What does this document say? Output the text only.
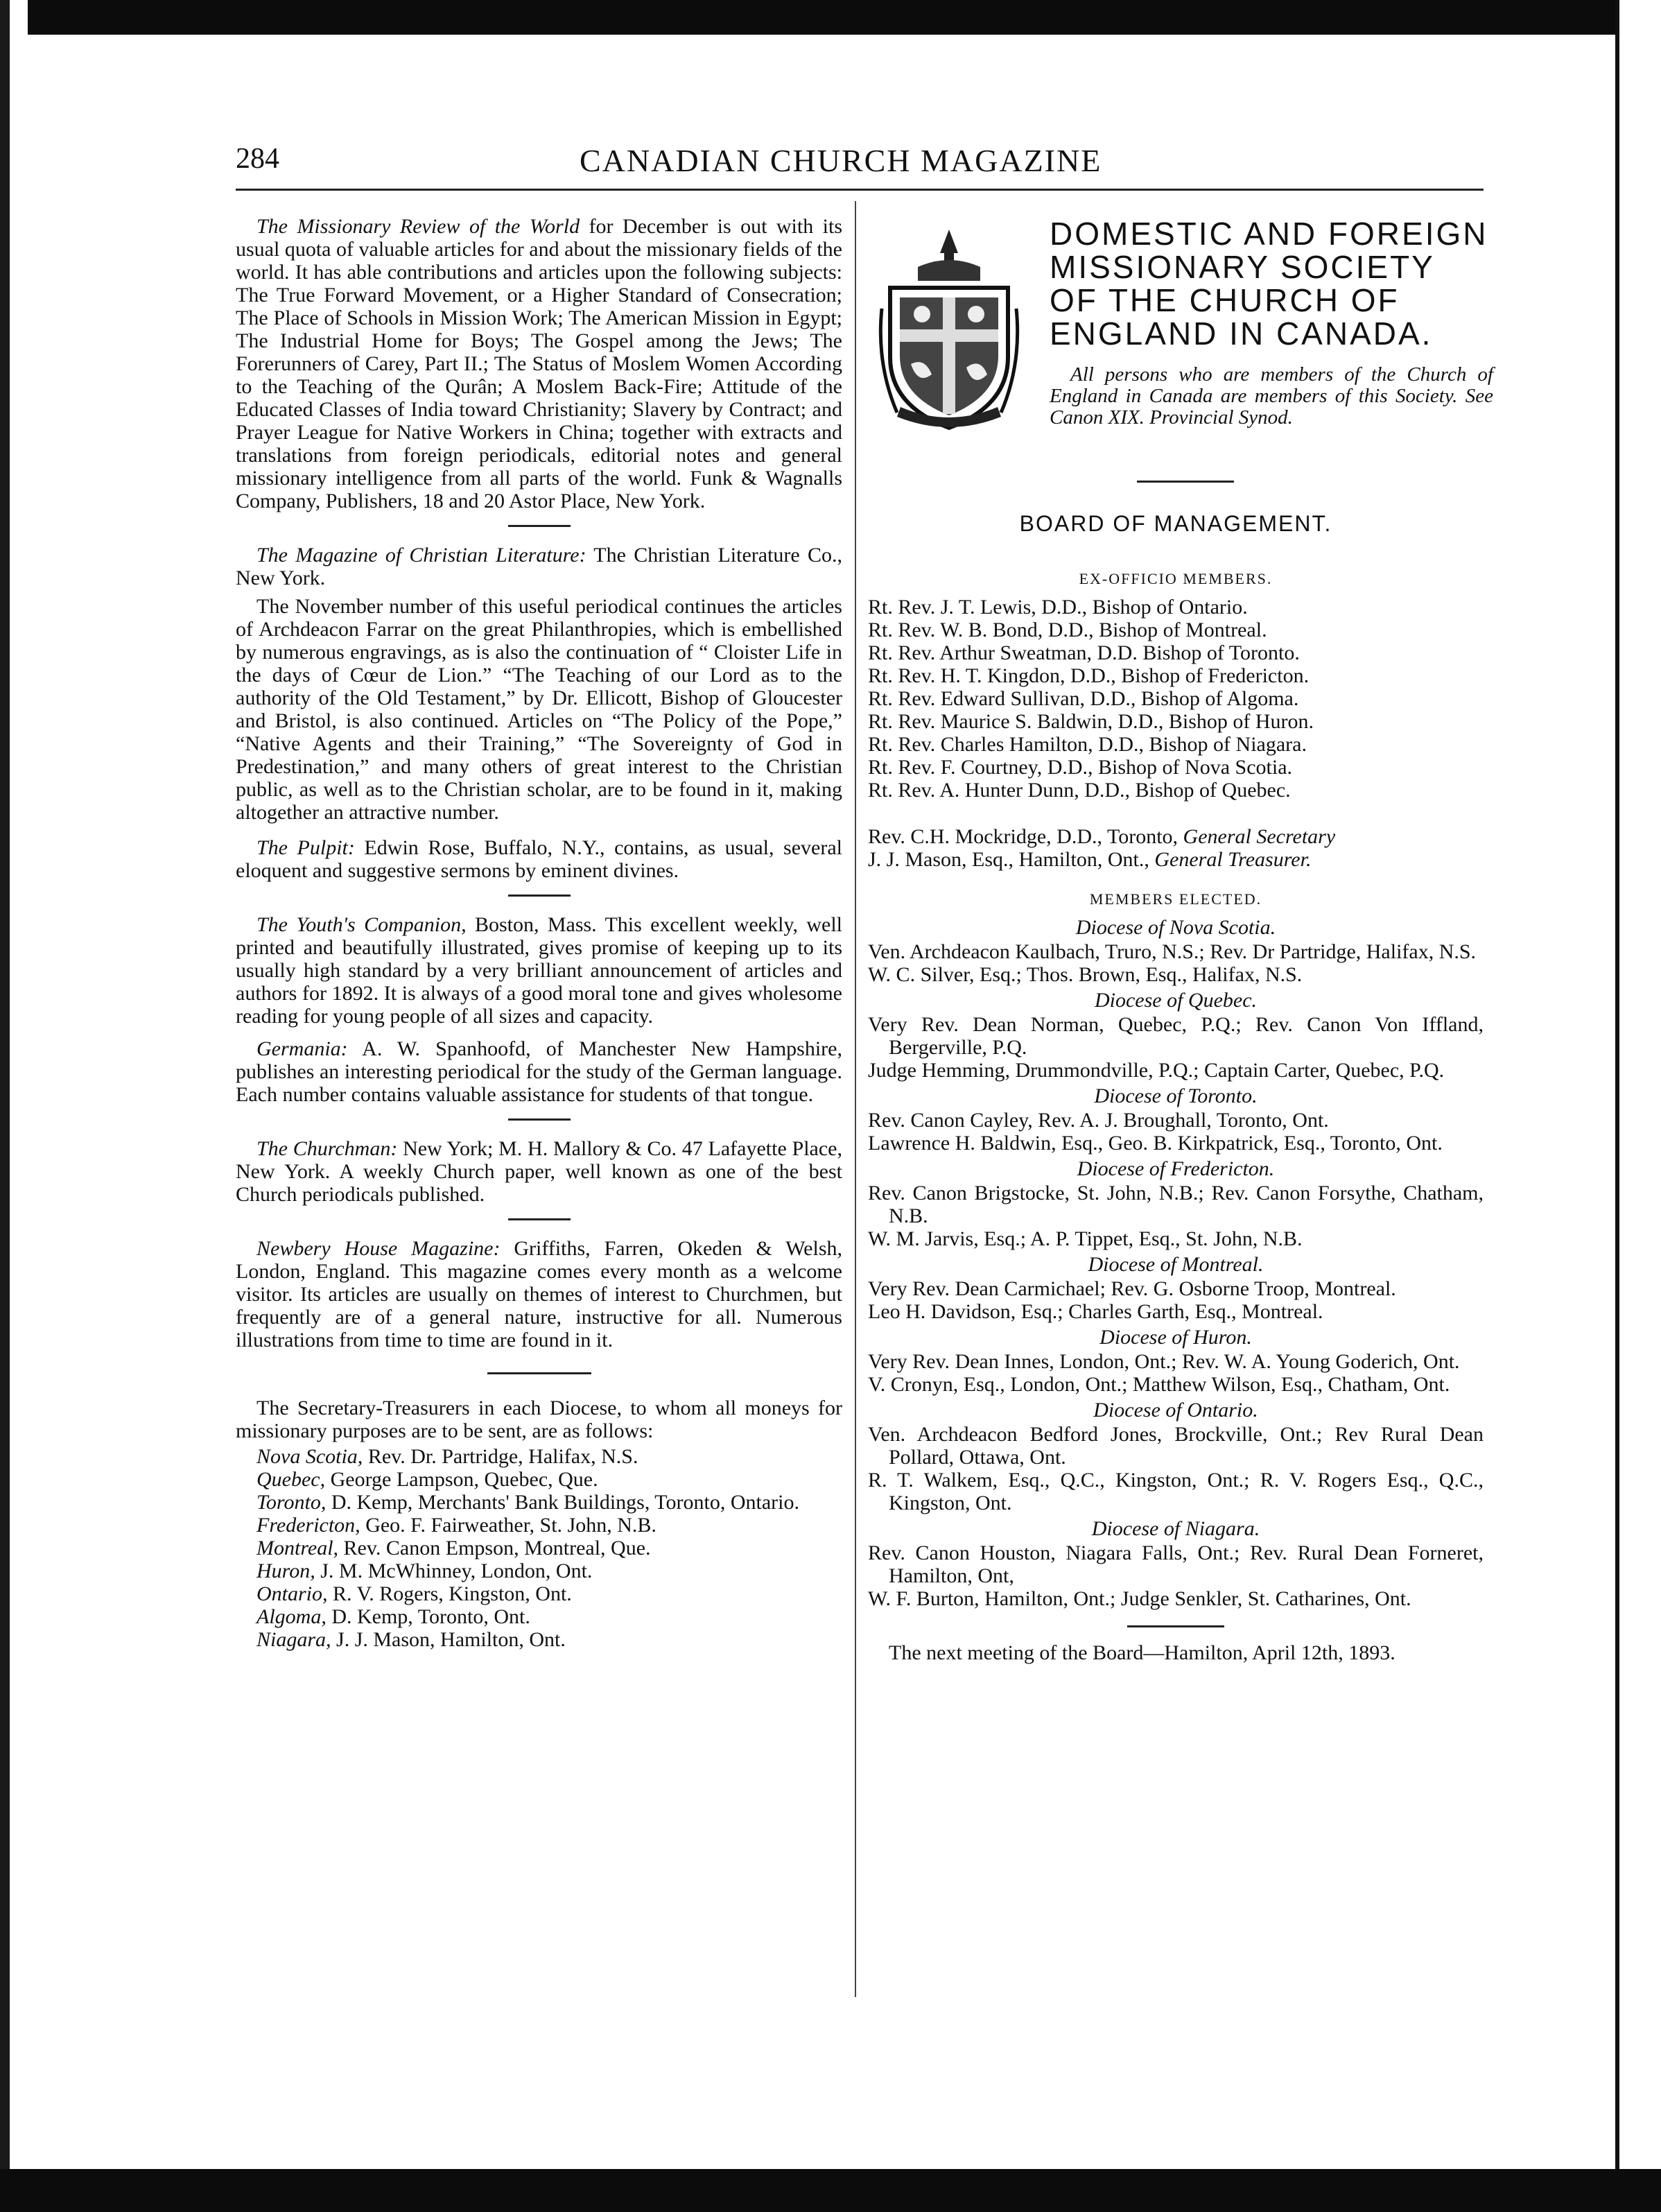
284	CANADIAN CHURCH MAGAZINE

The Missionary Review of the World for December is out with its usual quota of valuable articles for and about the missionary fields of the world. It has able contributions and articles upon the following subjects: The True Forward Movement, or a Higher Standard of Consecration; The Place of Schools in Mission Work; The American Mission in Egypt; The Industrial Home for Boys; The Gospel among the Jews; The Forerunners of Carey, Part II.; The Status of Moslem Women According to the Teaching of the Qurân; A Moslem Back-Fire; Attitude of the Educated Classes of India toward Christianity; Slavery by Contract; and Prayer League for Native Workers in China; together with extracts and translations from foreign periodicals, editorial notes and general missionary intelligence from all parts of the world. Funk & Wagnalls Company, Publishers, 18 and 20 Astor Place, New York.

The Magazine of Christian Literature: The Christian Literature Co., New York.

The November number of this useful periodical continues the articles of Archdeacon Farrar on the great Philanthropies, which is embellished by numerous engravings, as is also the continuation of “ Cloister Life in the days of Cœur de Lion.” “The Teaching of our Lord as to the authority of the Old Testament,” by Dr. Ellicott, Bishop of Gloucester and Bristol, is also continued. Articles on “The Policy of the Pope,” “Native Agents and their Training,” “The Sovereignty of God in Predestination,” and many others of great interest to the Christian public, as well as to the Christian scholar, are to be found in it, making altogether an attractive number.

The Pulpit: Edwin Rose, Buffalo, N.Y., contains, as usual, several eloquent and suggestive sermons by eminent divines.

The Youth's Companion, Boston, Mass. This excellent weekly, well printed and beautifully illustrated, gives promise of keeping up to its usually high standard by a very brilliant announcement of articles and authors for 1892. It is always of a good moral tone and gives wholesome reading for young people of all sizes and capacity.

Germania: A. W. Spanhoofd, of Manchester New Hampshire, publishes an interesting periodical for the study of the German language. Each number contains valuable assistance for students of that tongue.

The Churchman: New York; M. H. Mallory & Co. 47 Lafayette Place, New York. A weekly Church paper, well known as one of the best Church periodicals published.

Newbery House Magazine: Griffiths, Farren, Okeden & Welsh, London, England. This magazine comes every month as a welcome visitor. Its articles are usually on themes of interest to Churchmen, but frequently are of a general nature, instructive for all. Numerous illustrations from time to time are found in it.

The Secretary-Treasurers in each Diocese, to whom all moneys for missionary purposes are to be sent, are as follows:

Nova Scotia, Rev. Dr. Partridge, Halifax, N.S.
Quebec, George Lampson, Quebec, Que.
Toronto, D. Kemp, Merchants' Bank Buildings, Toronto, Ontario.
Fredericton, Geo. F. Fairweather, St. John, N.B.
Montreal, Rev. Canon Empson, Montreal, Que.
Huron, J. M. McWhinney, London, Ont.
Ontario, R. V. Rogers, Kingston, Ont.
Algoma, D. Kemp, Toronto, Ont.
Niagara, J. J. Mason, Hamilton, Ont.
DOMESTIC AND FOREIGN MISSIONARY SOCIETY OF THE CHURCH OF ENGLAND IN CANADA.
All persons who are members of the Church of England in Canada are members of this Society. See Canon XIX. Provincial Synod.
BOARD OF MANAGEMENT.
EX-OFFICIO MEMBERS.
Rt. Rev. J. T. Lewis, D.D., Bishop of Ontario.
Rt. Rev. W. B. Bond, D.D., Bishop of Montreal.
Rt. Rev. Arthur Sweatman, D.D. Bishop of Toronto.
Rt. Rev. H. T. Kingdon, D.D., Bishop of Fredericton.
Rt. Rev. Edward Sullivan, D.D., Bishop of Algoma.
Rt. Rev. Maurice S. Baldwin, D.D., Bishop of Huron.
Rt. Rev. Charles Hamilton, D.D., Bishop of Niagara.
Rt. Rev. F. Courtney, D.D., Bishop of Nova Scotia.
Rt. Rev. A. Hunter Dunn, D.D., Bishop of Quebec.
Rev. C.H. Mockridge, D.D., Toronto, General Secretary
J. J. Mason, Esq., Hamilton, Ont., General Treasurer.
MEMBERS ELECTED.
Diocese of Nova Scotia.
Ven. Archdeacon Kaulbach, Truro, N.S.; Rev. Dr Partridge, Halifax, N.S.
W. C. Silver, Esq.; Thos. Brown, Esq., Halifax, N.S.
Diocese of Quebec.
Very Rev. Dean Norman, Quebec, P.Q.; Rev. Canon Von Iffland, Bergerville, P.Q.
Judge Hemming, Drummondville, P.Q.; Captain Carter, Quebec, P.Q.
Diocese of Toronto.
Rev. Canon Cayley, Rev. A. J. Broughall, Toronto, Ont.
Lawrence H. Baldwin, Esq., Geo. B. Kirkpatrick, Esq., Toronto, Ont.
Diocese of Fredericton.
Rev. Canon Brigstocke, St. John, N.B.; Rev. Canon Forsythe, Chatham, N.B.
W. M. Jarvis, Esq.; A. P. Tippet, Esq., St. John, N.B.
Diocese of Montreal.
Very Rev. Dean Carmichael; Rev. G. Osborne Troop, Montreal.
Leo H. Davidson, Esq.; Charles Garth, Esq., Montreal.
Diocese of Huron.
Very Rev. Dean Innes, London, Ont.; Rev. W. A. Young Goderich, Ont.
V. Cronyn, Esq., London, Ont.; Matthew Wilson, Esq., Chatham, Ont.
Diocese of Ontario.
Ven. Archdeacon Bedford Jones, Brockville, Ont.; Rev Rural Dean Pollard, Ottawa, Ont.
R. T. Walkem, Esq., Q.C., Kingston, Ont.; R. V. Rogers Esq., Q.C., Kingston, Ont.
Diocese of Niagara.
Rev. Canon Houston, Niagara Falls, Ont.; Rev. Rural Dean Forneret, Hamilton, Ont,
W. F. Burton, Hamilton, Ont.; Judge Senkler, St. Catharines, Ont.

The next meeting of the Board—Hamilton, April 12th, 1893.
